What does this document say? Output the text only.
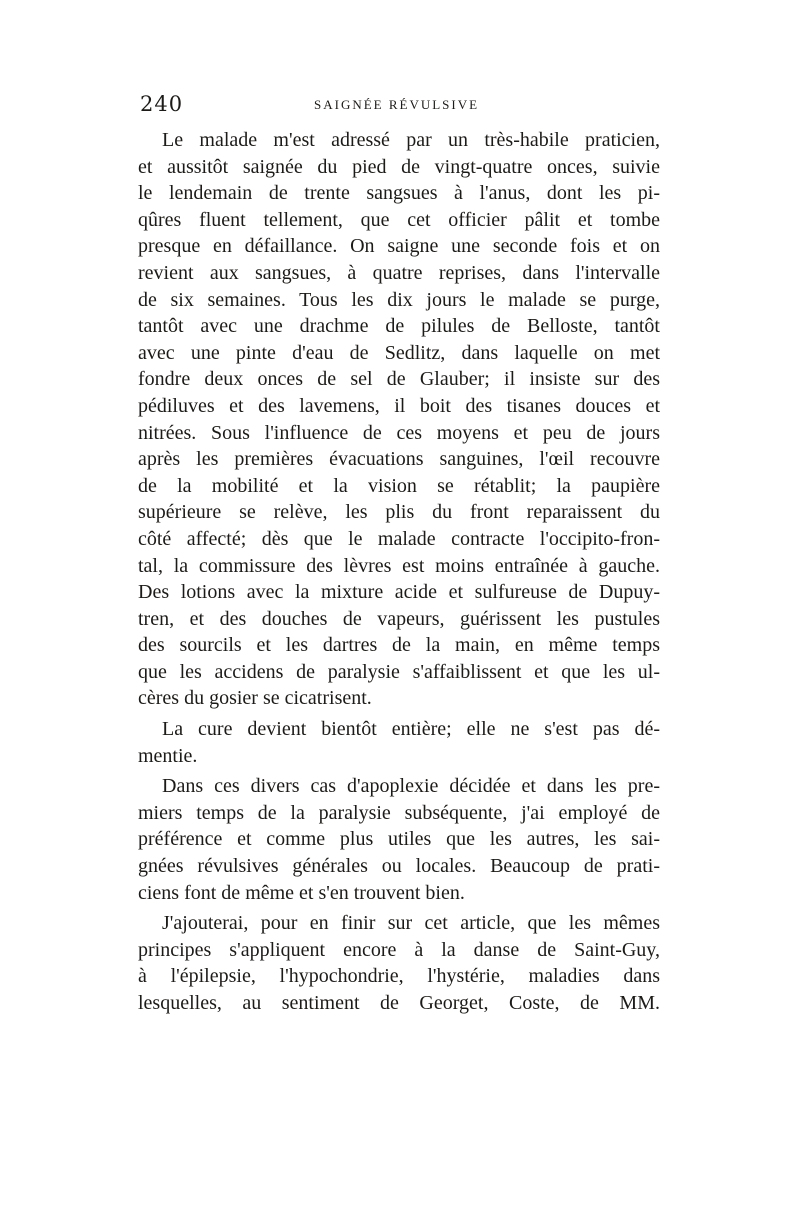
240	SAIGNÉE RÉVULSIVE
Le malade m'est adressé par un très-habile praticien,
et aussitôt saignée du pied de vingt-quatre onces, suivie
le lendemain de trente sangsues à l'anus, dont les pi-
qûres fluent tellement, que cet officier pâlit et tombe
presque en défaillance. On saigne une seconde fois et on
revient aux sangsues, à quatre reprises, dans l'intervalle
de six semaines. Tous les dix jours le malade se purge,
tantôt avec une drachme de pilules de Belloste, tantôt
avec une pinte d'eau de Sedlitz, dans laquelle on met
fondre deux onces de sel de Glauber; il insiste sur des
pédiluves et des lavemens, il boit des tisanes douces et
nitrées. Sous l'influence de ces moyens et peu de jours
après les premières évacuations sanguines, l'œil recouvre
de la mobilité et la vision se rétablit; la paupière
supérieure se relève, les plis du front reparaissent du
côté affecté; dès que le malade contracte l'occipito-fron-
tal, la commissure des lèvres est moins entraînée à gauche.
Des lotions avec la mixture acide et sulfureuse de Dupuy-
tren, et des douches de vapeurs, guérissent les pustules
des sourcils et les dartres de la main, en même temps
que les accidens de paralysie s'affaiblissent et que les ul-
cères du gosier se cicatrisent.
La cure devient bientôt entière; elle ne s'est pas dé-
mentie.
Dans ces divers cas d'apoplexie décidée et dans les pre-
miers temps de la paralysie subséquente, j'ai employé de
préférence et comme plus utiles que les autres, les sai-
gnées révulsives générales ou locales. Beaucoup de prati-
ciens font de même et s'en trouvent bien.
J'ajouterai, pour en finir sur cet article, que les mêmes
principes s'appliquent encore à la danse de Saint-Guy,
à l'épilepsie, l'hypochondrie, l'hystérie, maladies dans
lesquelles, au sentiment de Georget, Coste, de MM.
